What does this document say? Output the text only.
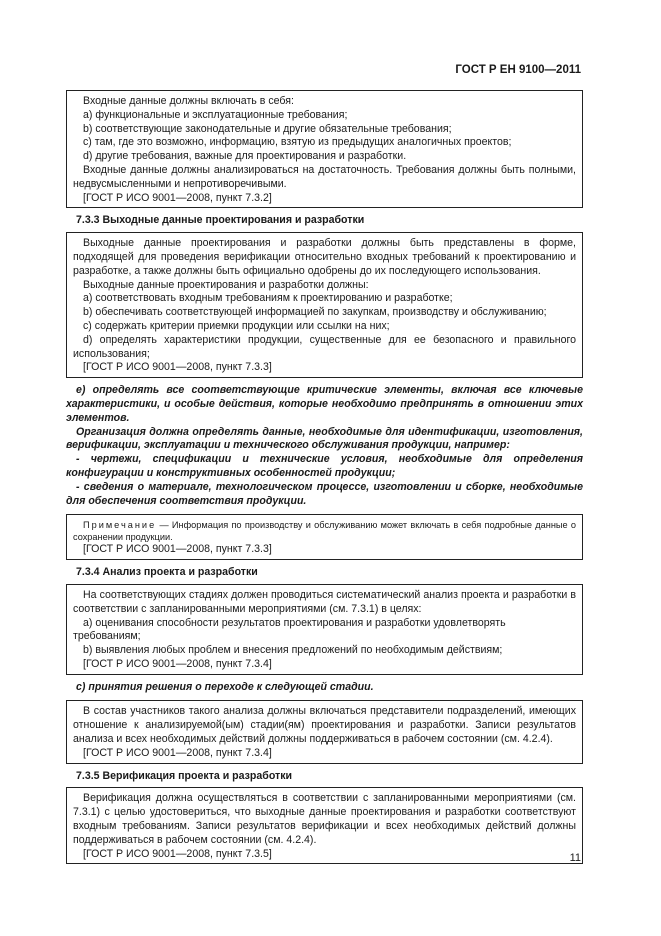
ГОСТ Р ЕН 9100—2011

Входные данные должны включать в себя:

a) функциональные и эксплуатационные требования;

b) соответствующие законодательные и другие обязательные требования;

c) там, где это возможно, информацию, взятую из предыдущих аналогичных проектов;

d) другие требования, важные для проектирования и разработки.

Входные данные должны анализироваться на достаточность. Требования должны быть полными, недвусмысленными и непротиворечивыми.

[ГОСТ Р ИСО 9001—2008, пункт 7.3.2]

7.3.3 Выходные данные проектирования и разработки

Выходные данные проектирования и разработки должны быть представлены в форме, подходящей для проведения верификации относительно входных требований к проектированию и разработке, а также должны быть официально одобрены до их последующего использования.

Выходные данные проектирования и разработки должны:

a) соответствовать входным требованиям к проектированию и разработке;

b) обеспечивать соответствующей информацией по закупкам, производству и обслуживанию;

c) содержать критерии приемки продукции или ссылки на них;

d) определять характеристики продукции, существенные для ее безопасного и правильного использования;

[ГОСТ Р ИСО 9001—2008, пункт 7.3.3]

e) определять все соответствующие критические элементы, включая все ключевые характеристики, и особые действия, которые необходимо предпринять в отношении этих элементов.

Организация должна определять данные, необходимые для идентификации, изготовления, верификации, эксплуатации и технического обслуживания продукции, например:

- чертежи, спецификации и технические условия, необходимые для определения конфигурации и конструктивных особенностей продукции;

- сведения о материале, технологическом процессе, изготовлении и сборке, необходимые для обеспечения соответствия продукции.

Примечание — Информация по производству и обслуживанию может включать в себя подробные данные о сохранении продукции.

[ГОСТ Р ИСО 9001—2008, пункт 7.3.3]

7.3.4 Анализ проекта и разработки

На соответствующих стадиях должен проводиться систематический анализ проекта и разработки в соответствии с запланированными мероприятиями (см. 7.3.1) в целях:

a) оценивания способности результатов проектирования и разработки удовлетворять требованиям;

b) выявления любых проблем и внесения предложений по необходимым действиям;

[ГОСТ Р ИСО 9001—2008, пункт 7.3.4]

c) принятия решения о переходе к следующей стадии.

В состав участников такого анализа должны включаться представители подразделений, имеющих отношение к анализируемой(ым) стадии(ям) проектирования и разработки. Записи результатов анализа и всех необходимых действий должны поддерживаться в рабочем состоянии (см. 4.2.4).

[ГОСТ Р ИСО 9001—2008, пункт 7.3.4]

7.3.5 Верификация проекта и разработки

Верификация должна осуществляться в соответствии с запланированными мероприятиями (см. 7.3.1) с целью удостовериться, что выходные данные проектирования и разработки соответствуют входным требованиям. Записи результатов верификации и всех необходимых действий должны поддерживаться в рабочем состоянии (см. 4.2.4).

[ГОСТ Р ИСО 9001—2008, пункт 7.3.5]	11
